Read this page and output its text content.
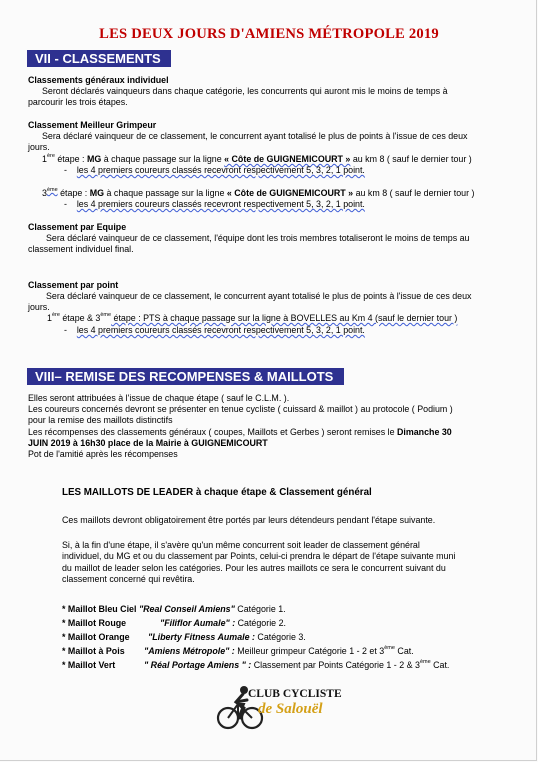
LES DEUX JOURS D'AMIENS MÉTROPOLE 2019
VII - CLASSEMENTS
Classements généraux individuel
Seront déclarés vainqueurs dans chaque catégorie, les concurrents qui auront mis le moins de temps à
parcourir les trois étapes.
Classement Meilleur Grimpeur
Sera déclaré vainqueur de ce classement, le concurrent ayant totalisé le plus de points à l'issue de ces deux
jours.
1ère étape : MG à chaque passage sur la ligne « Côte de GUIGNEMICOURT » au km 8 ( sauf le dernier tour )
-    les 4 premiers coureurs classés recevront respectivement 5, 3, 2, 1 point.
3ème étape : MG à chaque passage sur la ligne « Côte de GUIGNEMICOURT » au km 8 ( sauf le dernier tour )
-    les 4 premiers coureurs classés recevront respectivement 5, 3, 2, 1 point.
Classement par Equipe
Sera déclaré vainqueur de ce classement, l'équipe dont les trois membres totaliseront le moins de temps au
classement individuel final.
Classement par point
Sera déclaré vainqueur de ce classement, le concurrent ayant totalisé le plus de points à l'issue de ces deux
jours.
1ère étape & 3ème étape : PTS à chaque passage sur la ligne à BOVELLES au Km 4 (sauf le dernier tour )
-    les 4 premiers coureurs classés recevront respectivement 5, 3, 2, 1 point.
VIII– REMISE DES RECOMPENSES & MAILLOTS
Elles seront attribuées à l'issue de chaque étape ( sauf le C.L.M. ).
Les coureurs concernés devront se présenter en tenue cycliste ( cuissard & maillot ) au protocole ( Podium )
pour la remise des maillots distinctifs
Les récompenses des classements généraux ( coupes, Maillots et Gerbes ) seront remises le Dimanche 30
JUIN 2019 à 16h30 place de la Mairie à GUIGNEMICOURT
Pot de l'amitié après les récompenses
LES MAILLOTS DE LEADER à chaque étape & Classement général
Ces maillots devront obligatoirement être portés par leurs détendeurs pendant l'étape suivante.
Si, à la fin d'une étape, il s'avère qu'un même concurrent soit leader de classement général
individuel, du MG et ou du classement par Points, celui-ci prendra le départ de l'étape suivante muni
du maillot de leader selon les catégories. Pour les autres maillots ce sera le concurrent suivant du
classement concerné qui revêtira.
* Maillot Bleu Ciel "Real Conseil Amiens" Catégorie 1.
* Maillot Rouge	"Filiflor Aumale" : Catégorie 2.
* Maillot Orange "Liberty Fitness Aumale : Catégorie 3.
* Maillot à Pois "Amiens Métropole" : Meilleur grimpeur Catégorie 1 - 2 et 3ème Cat.
* Maillot Vert	" Réal Portage Amiens " : Classement par Points Catégorie 1 - 2 & 3ème Cat.
CLUB CYCLISTE
de Salouël
